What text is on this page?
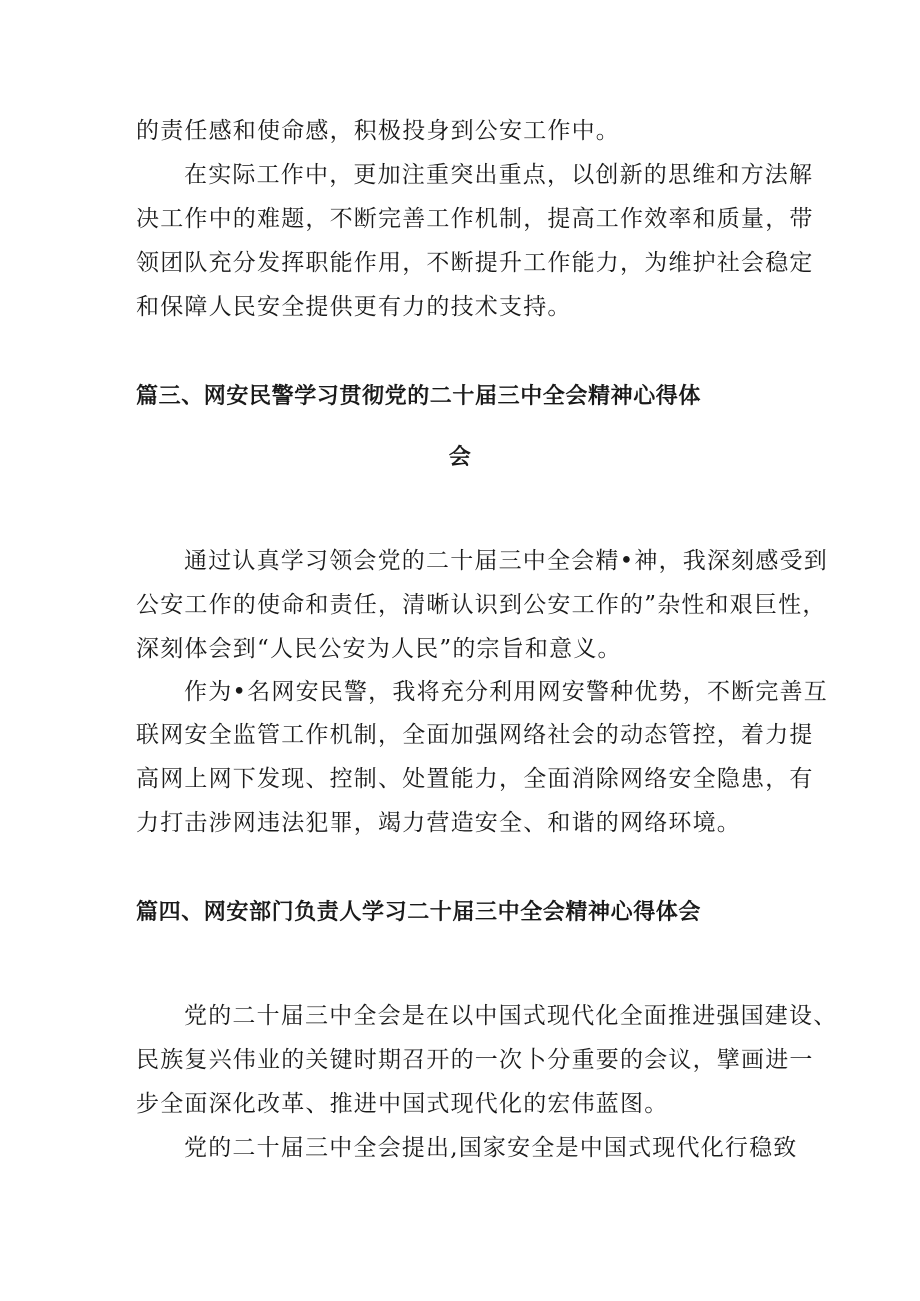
的责任感和使命感，积极投身到公安工作中。
在实际工作中，更加注重突出重点，以创新的思维和方法解
决工作中的难题，不断完善工作机制，提高工作效率和质量，带
领团队充分发挥职能作用，不断提升工作能力，为维护社会稳定
和保障人民安全提供更有力的技术支持。
篇三、网安民警学习贯彻党的二十届三中全会精神心得体
会
通过认真学习领会党的二十届三中全会精•神，我深刻感受到
公安工作的使命和责任，清晰认识到公安工作的”杂性和艰巨性，
深刻体会到“人民公安为人民”的宗旨和意义。
作为•名网安民警，我将充分利用网安警种优势，不断完善互
联网安全监管工作机制，全面加强网络社会的动态管控，着力提
高网上网下发现、控制、处置能力，全面消除网络安全隐患，有
力打击涉网违法犯罪，竭力营造安全、和谐的网络环境。
篇四、网安部门负责人学习二十届三中全会精神心得体会
党的二十届三中全会是在以中国式现代化全面推进强国建设、
民族复兴伟业的关键时期召开的一次卜分重要的会议，擘画进一
步全面深化改革、推进中国式现代化的宏伟蓝图。
党的二十届三中全会提出,国家安全是中国式现代化行稳致
